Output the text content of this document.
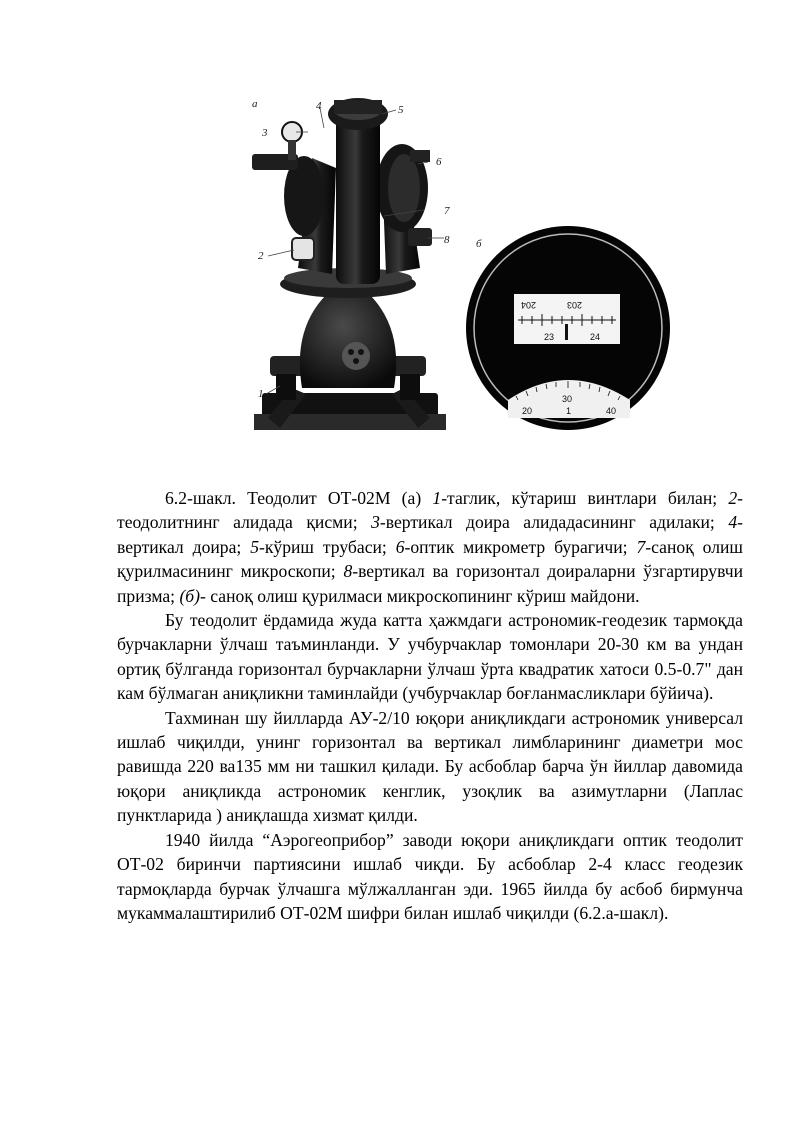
а	4	5
3
6
7
8
2
1
б
204	203
23	24
20
30
1	40

6.2-шакл. Теодолит ОТ-02М (а) 1-таглик, кўтариш винтлари билан; 2-теодолитнинг алидада қисми; 3-вертикал доира алидадасининг адилаки; 4-вертикал доира; 5-кўриш трубаси; 6-оптик микрометр бурагичи; 7-саноқ олиш қурилмасининг микроскопи; 8-вертикал ва горизонтал доираларни ўзгартирувчи призма; (б)- саноқ олиш қурилмаси микроскопининг кўриш майдони.

Бу теодолит ёрдамида жуда катта ҳажмдаги астрономик-геодезик тармоқда бурчакларни ўлчаш таъминланди. У учбурчаклар томонлари 20-30 км ва ундан ортиқ бўлганда горизонтал бурчакларни ўлчаш ўрта квадратик хатоси 0.5-0.7" дан кам бўлмаган аниқликни таминлайди (учбурчаклар боғланмасликлари бўйича).

Тахминан шу йилларда АУ-2/10 юқори аниқликдаги астрономик универсал ишлаб чиқилди, унинг горизонтал ва вертикал лимбларининг диаметри мос равишда 220 ва135 мм ни ташкил қилади. Бу асбоблар барча ўн йиллар давомида юқори аниқликда астрономик кенглик, узоқлик ва азимутларни (Лаплас пунктларида ) аниқлашда хизмат қилди.

1940 йилда “Аэрогеоприбор” заводи юқори аниқликдаги оптик теодолит ОТ-02 биринчи партиясини ишлаб чиқди. Бу асбоблар 2-4 класс геодезик тармоқларда бурчак ўлчашга мўлжалланган эди. 1965 йилда бу асбоб бирмунча мукаммалаштирилиб ОТ-02М шифри билан ишлаб чиқилди (6.2.а-шакл).
